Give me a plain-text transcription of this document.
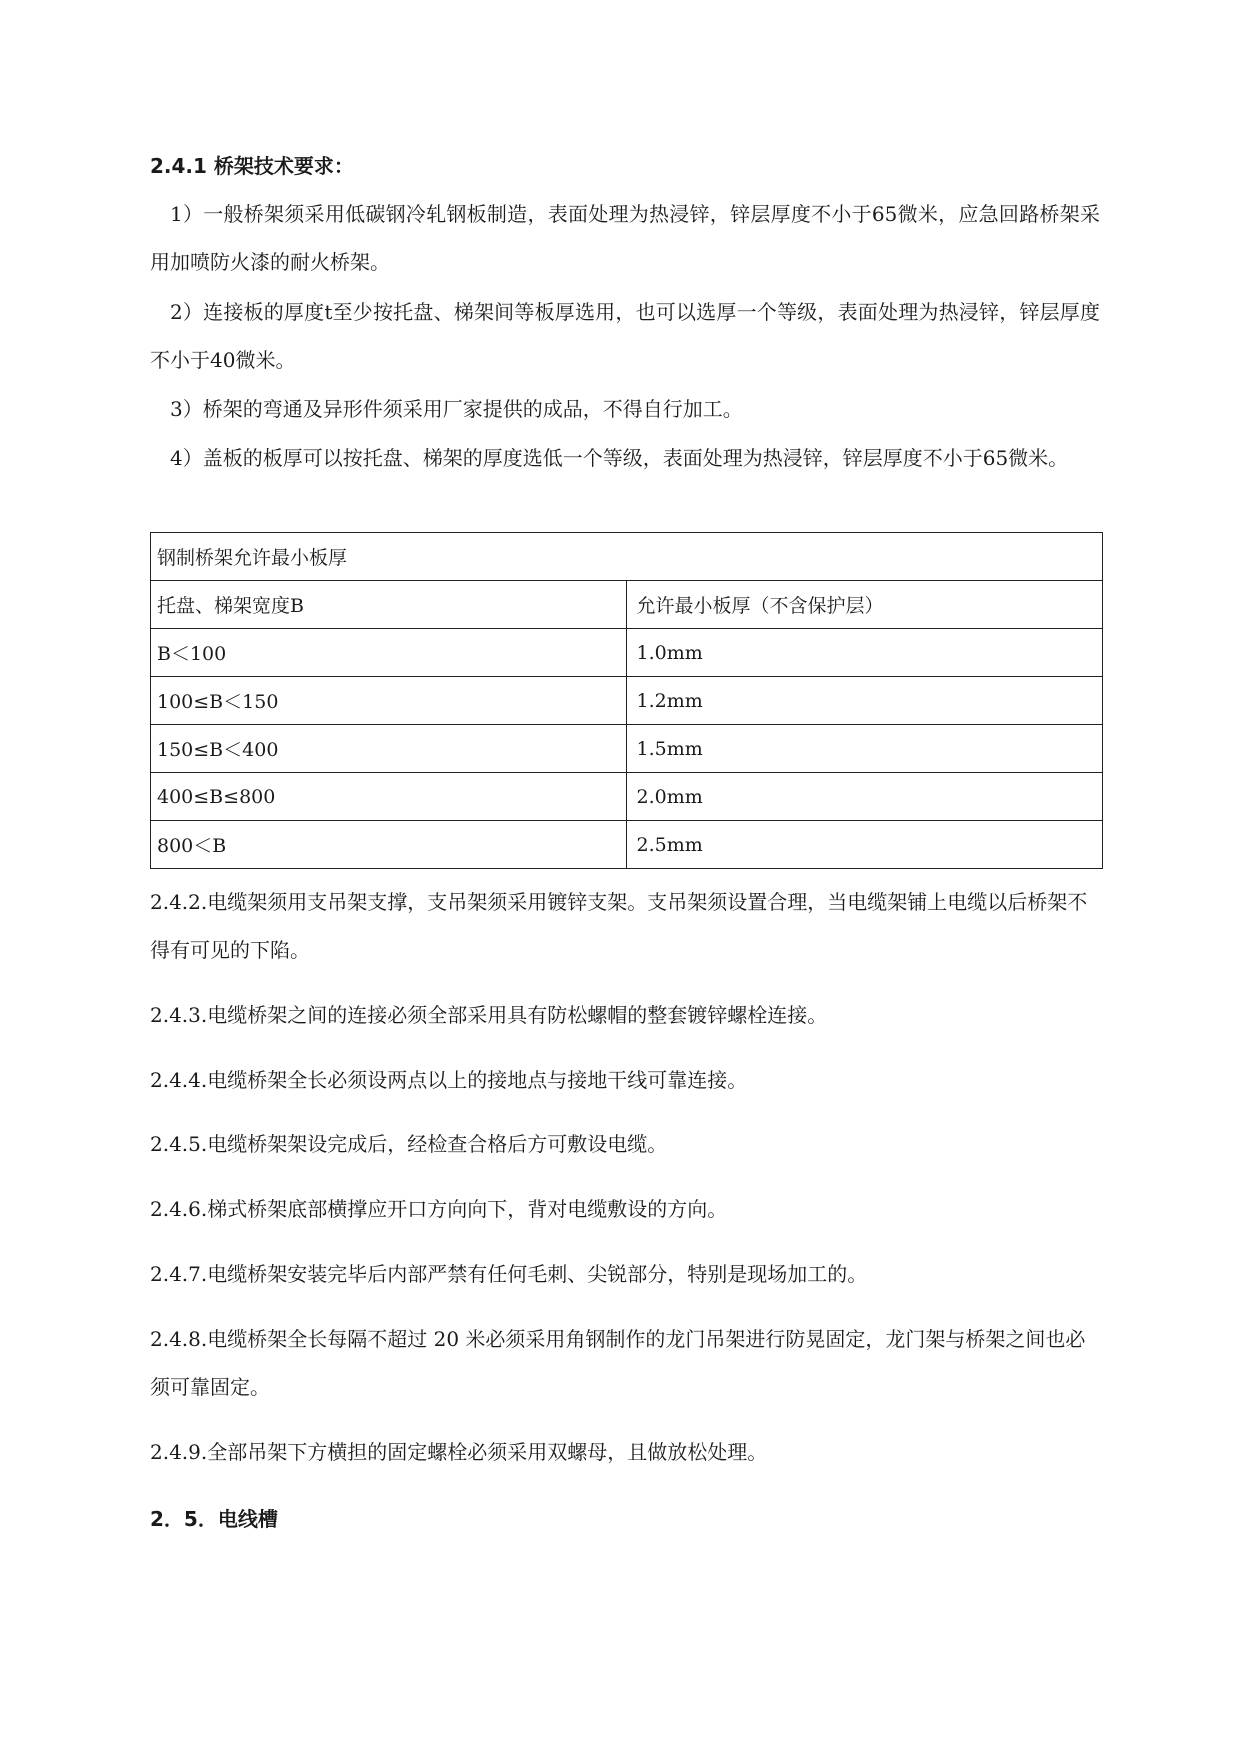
2.4.1 桥架技术要求：
1）一般桥架须采用低碳钢冷轧钢板制造，表面处理为热浸锌，锌层厚度不小于65微米，应急回路桥架采用加喷防火漆的耐火桥架。
2）连接板的厚度t至少按托盘、梯架间等板厚选用，也可以选厚一个等级，表面处理为热浸锌，锌层厚度不小于40微米。
3）桥架的弯通及异形件须采用厂家提供的成品，不得自行加工。
4）盖板的板厚可以按托盘、梯架的厚度选低一个等级，表面处理为热浸锌，锌层厚度不小于65微米。
2.4.2.电缆架须用支吊架支撑，支吊架须采用镀锌支架。支吊架须设置合理，当电缆架铺上电缆以后桥架不得有可见的下陷。
2.4.3.电缆桥架之间的连接必须全部采用具有防松螺帽的整套镀锌螺栓连接。
2.4.4.电缆桥架全长必须设两点以上的接地点与接地干线可靠连接。
2.4.5.电缆桥架架设完成后，经检查合格后方可敷设电缆。
2.4.6.梯式桥架底部横撑应开口方向向下，背对电缆敷设的方向。
2.4.7.电缆桥架安装完毕后内部严禁有任何毛刺、尖锐部分，特别是现场加工的。
2.4.8.电缆桥架全长每隔不超过 20 米必须采用角钢制作的龙门吊架进行防晃固定，龙门架与桥架之间也必须可靠固定。
2.4.9.全部吊架下方横担的固定螺栓必须采用双螺母，且做放松处理。
2．5．电线槽
钢制桥架允许最小板厚	
托盘、梯架宽度B	允许最小板厚（不含保护层）
B＜100	1.0mm
100≤B＜150	1.2mm
150≤B＜400	1.5mm
400≤B≤800	2.0mm
800＜B	2.5mm
